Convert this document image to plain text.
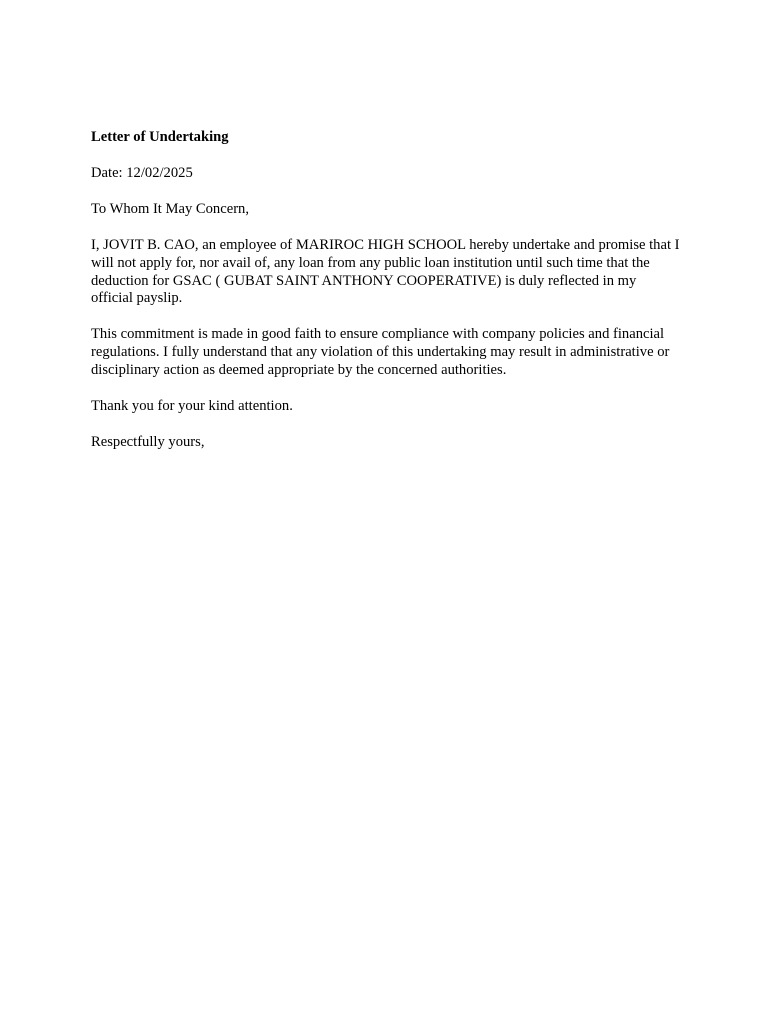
Letter of Undertaking

Date: 12/02/2025

To Whom It May Concern,

I, JOVIT B. CAO, an employee of MARIROC HIGH SCHOOL hereby undertake and promise that I will not apply for, nor avail of, any loan from any public loan institution until such time that the deduction for GSAC ( GUBAT SAINT ANTHONY COOPERATIVE) is duly reflected in my official payslip.

This commitment is made in good faith to ensure compliance with company policies and financial regulations. I fully understand that any violation of this undertaking may result in administrative or disciplinary action as deemed appropriate by the concerned authorities.

Thank you for your kind attention.

Respectfully yours,
